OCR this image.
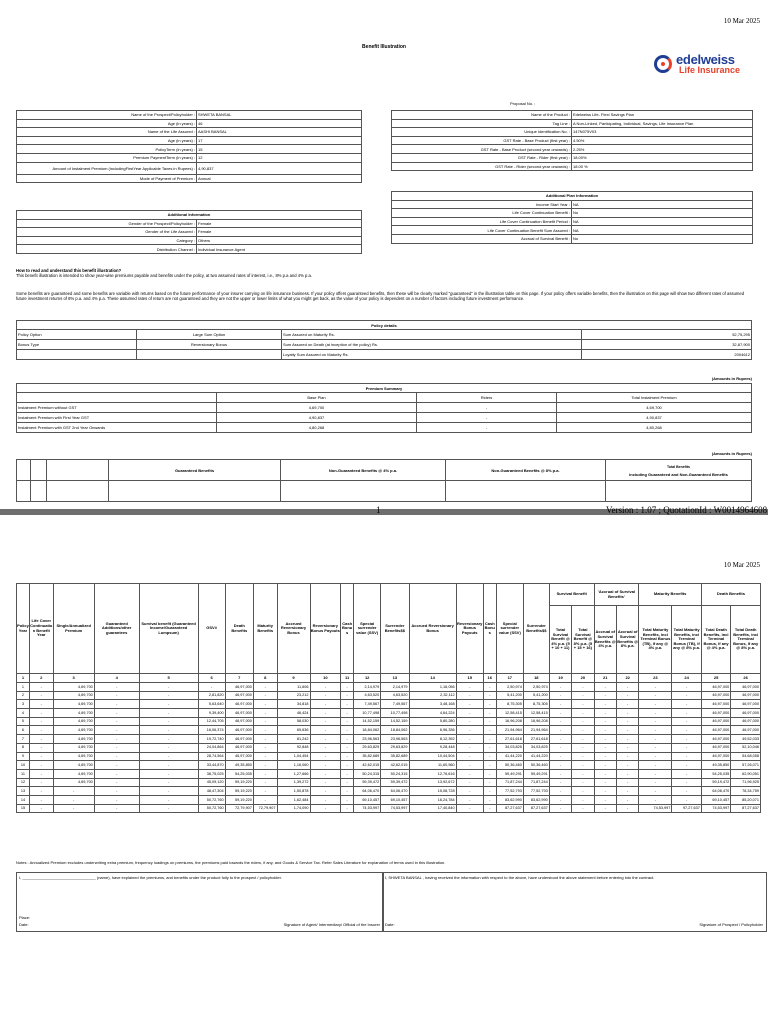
10 Mar 2025
Benefit Illustration
edelweiss
Life Insurance
Proposal No. :
Name of the Prospect/Policyholder :	SHWETA BANSAL
Age (in years) :	46
Name of the Life Assured :	AASHI BANSAL
Age (in years) :	17
PolicyTerm (in years) :	15
Premium PaymentTerm (in years) :	12
Amount of Instalment Premium (includingFirstYear Applicable Taxes in Rupees) :	4,90,837
Mode of Payment of Premium :	Annual
Additional Information	
Gender of the Prospect/Policyholder :	Female
Gender of the Life Assured :	Female
Category :	Others
Distribution Channel :	Individual Insurance Agent
Name of the Product :	Edelweiss Life- Flexi Savings Plan
Tag Line :	A Non-Linked, Participating, Individual, Savings, Life Insurance Plan
Unique Identification No. :	147N075V03
GST Rate - Base Product (first year) :	4.50%
GST Rate - Base Product (second year onwards) :	2.25%
GST Rate - Rider (first year) :	18.00%
GST Rate - Rider (second year onwards) :	18.00 %
Additional Plan Information	
Income Start Year :	NA
Life Cover Continuation Benefit :	No
Life Cover Continuation Benefit Period :	NA
Life Cover Continuation Benefit Sum Assured :	NA
Accrual of Survival Benefit :	No
How to read and understand this benefit illustration?
This benefit illustration is intended to show year-wise premiums payable and benefits under the policy, at two assumed rates of interest, i.e., 8% p.a and 4% p.a.
Some benefits are guaranteed and some benefits are variable with returns based on the future performance of your insurer carrying on life insurance business. If your policy offers guaranteed benefits, then these will be clearly marked "guaranteed" in the illustration table on this page. If your policy offers variable benefits, then the illustration on this page will show two different rates of assumed future investment returns of 8% p.a. and 4% p.a. These assumed rates of return are not guaranteed and they are not the upper or lower limits of what you might get back, as the value of your policy is dependent on a number of factors including future investment performance.
Policy details			
Policy Option	Large Sum Option	Sum Assured on Maturity Rs.	52,75,295
Bonus Type	Reversionary Bonus	Sum Assured on Death (at inception of the policy) Rs.	32,87,900
		Loyalty Sum Assured on Maturity Rs.	2004612
(Amounts in Rupees)
Premium Summary			
	Base Plan	Riders	Total Instalment Premium
Instalment Premium without GST	4,69,700	-	4,69,700
Instalment Premium with First Year GST	4,90,837	-	4,90,837
Instalment Premium with GST 2nd Year Onwards	4,80,268	-	4,80,268
(Amounts in Rupees)
			Guaranteed Benefits	Non-Guaranteed Benefits @ 4% p.a.	Non-Guaranteed Benefits @ 8% p.a.	Total Benefits
including Guaranteed and Non-Guaranteed Benefits

1	Version : 1.07 ; QuotationId : W0014964608
10 Mar 2025
Policy Year	Life Cover Continuation Benefit Year	Single/Annualized Premium	Guaranteed Additions/other guarantees	Survival benefit (Guaranteed Income/Guaranteed Lumpsum)	GSV#	Death Benefits	Maturity Benefits	Accrued Reversionary Bonus	Reversionary Bonus Payouts	Cash Bonus	Special surrender value (SSV)	Surrender Benefits$$	Accrued Reversionary Bonus	Reversionary Bonus Payouts	Cash Bonus	Special surrender value (SSV)	Surrender Benefits$$	Survival Benefit		'Accrual of Survival Benefits'		Maturity Benefits		Death Benefits	
																		Total Survival Benefit @ 4% p.a. (5 + 10 + 11)	Total Survival Benefit @ 8% p.a. (5 + 15 + 16)	Accrual of Survival Benefits @ 4% p.a.	Accrual of Survival Benefits @ 8% p.a.	Total Maturity Benefits, incl Terminal Bonus (TB), if any @ 4% p.a.	Total Maturity Benefits, incl Terminal Bonus (TB), if any @ 8% p.a.	Total Death Benefits, incl Terminal Bonus, if any @ 4% p.a.	Total Death Benefits, incl Terminal Bonus, if any @ 8% p.a.
1	2	3	4	5	6	7	8	9	10	11	12	13	14	15	16	17	18	19	20	21	22	23	24	25	26
1	-	4,69,700	-	-	-	46,97,000	-	11,606	-	-	2,14,979	2,14,979	1,16,056	-	-	2,50,974	2,50,974	-	-	-	-	-	-	46,97,000	46,97,000
2	-	4,69,700	-	-	2,81,820	46,97,000	-	23,212	-	-	4,63,520	4,63,520	2,32,112	-	-	5,41,200	5,41,200	-	-	-	-	-	-	46,97,000	46,97,000
3	-	4,69,700	-	-	5,63,640	46,97,000	-	34,818	-	-	7,49,567	7,49,567	3,48,168	-	-	8,75,305	8,75,305	-	-	-	-	-	-	46,97,000	46,97,000
4	-	4,69,700	-	-	9,39,400	46,97,000	-	46,424	-	-	10,77,498	10,77,498	4,64,224	-	-	12,58,415	12,58,415	-	-	-	-	-	-	46,97,000	46,97,000
5	-	4,69,700	-	-	12,44,705	46,97,000	-	58,030	-	-	14,52,159	14,52,159	5,80,280	-	-	16,96,208	16,96,208	-	-	-	-	-	-	46,97,000	46,97,000
6	-	4,69,700	-	-	16,06,374	46,97,000	-	69,636	-	-	18,84,062	18,84,062	6,96,336	-	-	21,94,964	21,94,964	-	-	-	-	-	-	46,97,000	46,97,000
7	-	4,69,700	-	-	19,72,740	46,97,000	-	81,242	-	-	23,96,563	23,96,563	8,12,392	-	-	27,61,618	27,61,618	-	-	-	-	-	-	46,97,000	49,52,033
8	-	4,69,700	-	-	24,04,864	46,97,000	-	92,848	-	-	29,63,829	29,63,829	9,28,448	-	-	34,03,825	34,03,825	-	-	-	-	-	-	46,97,000	52,10,046
9	-	4,69,700	-	-	28,74,564	46,97,000	-	1,04,454	-	-	35,82,689	35,82,689	10,44,504	-	-	41,44,220	41,44,220	-	-	-	-	-	-	46,97,000	54,68,058
10	-	4,69,700	-	-	33,44,870	49,35,850	-	1,16,060	-	-	42,62,015	42,62,015	11,60,560	-	-	50,36,460	50,36,460	-	-	-	-	-	-	49,35,850	57,26,071
11	-	4,69,700	-	-	38,75,025	54,25,035	-	1,27,666	-	-	50,24,315	50,24,315	12,76,616	-	-	59,49,291	59,49,291	-	-	-	-	-	-	54,25,035	62,90,051
12	-	4,69,700	-	-	45,09,120	59,19,220	-	1,39,272	-	-	59,39,472	59,39,472	13,92,672	-	-	71,87,244	71,87,244	-	-	-	-	-	-	59,19,472	71,96,925
13	-	-	-	-	48,47,304	59,19,220	-	1,50,878	-	-	64,06,470	64,06,470	15,08,728	-	-	77,52,793	77,52,793	-	-	-	-	-	-	64,06,470	78,34,759
14	-	-	-	-	50,72,760	59,19,220	-	1,62,484	-	-	69,10,457	69,10,457	16,24,784	-	-	83,62,990	83,62,990	-	-	-	-	-	-	69,10,457	85,20,071
15	-	-	-	-	50,72,760	72,79,907	72,79,907	1,74,090	-	-	74,53,997	74,53,997	17,40,840	-	-	87,27,637	87,27,637	-	-	-	-	74,53,997	97,27,637	74,53,997	87,27,637
Notes : Annualized Premium excludes underwriting extra premium, frequency loadings on premiums, the premiums paid towards the riders, if any, and Goods & Service Tax. Refer Sales Literature for explanation of terms used in this illustration.
I, _________________________________ (name), have explained the premiums, and benefits under the product fully to the prospect / policyholder.
Place:
Date:	Signature of Agent/ Intermediary/ Official of the Insurer
I, SHWETA BANSAL , having received the information with respect to the above, have understood the above statement before entering into the contract.
Date:	Signature of Prospect / Policyholder
